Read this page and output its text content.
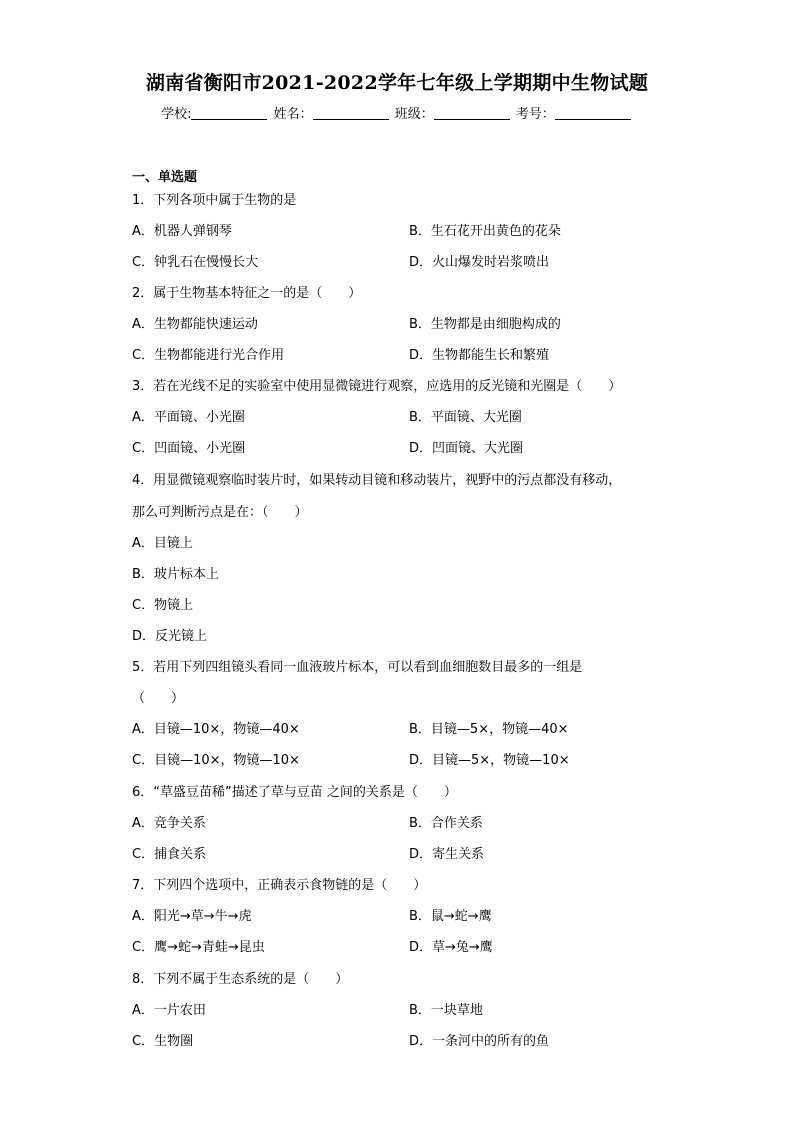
湖南省衡阳市2021-2022学年七年级上学期期中生物试题
学校:	姓名：	班级：	考号：
一、单选题
1．下列各项中属于生物的是
A．机器人弹钢琴	B．生石花开出黄色的花朵
C．钟乳石在慢慢长大	D．火山爆发时岩浆喷出
2．属于生物基本特征之一的是（　　）
A．生物都能快速运动	B．生物都是由细胞构成的
C．生物都能进行光合作用	D．生物都能生长和繁殖
3．若在光线不足的实验室中使用显微镜进行观察，应选用的反光镜和光圈是（　　）
A．平面镜、小光圈	B．平面镜、大光圈
C．凹面镜、小光圈	D．凹面镜、大光圈
4．用显微镜观察临时装片时，如果转动目镜和移动装片，视野中的污点都没有移动，
那么可判断污点是在：（　　）
A．目镜上
B．玻片标本上
C．物镜上
D．反光镜上
5．若用下列四组镜头看同一血液玻片标本，可以看到血细胞数目最多的一组是
（　　）
A．目镜—10×，物镜—40×	B．目镜—5×，物镜—40×
C．目镜—10×，物镜—10×	D．目镜—5×，物镜—10×
6．“草盛豆苗稀”描述了草与豆苗 之间的关系是（　　）
A．竞争关系	B．合作关系
C．捕食关系	D．寄生关系
7．下列四个选项中，正确表示食物链的是（　　）
A．阳光→草→牛→虎	B．鼠→蛇→鹰
C．鹰→蛇→青蛙→昆虫	D．草→兔→鹰
8．下列不属于生态系统的是（　　）
A．一片农田	B．一块草地
C．生物圈	D．一条河中的所有的鱼
